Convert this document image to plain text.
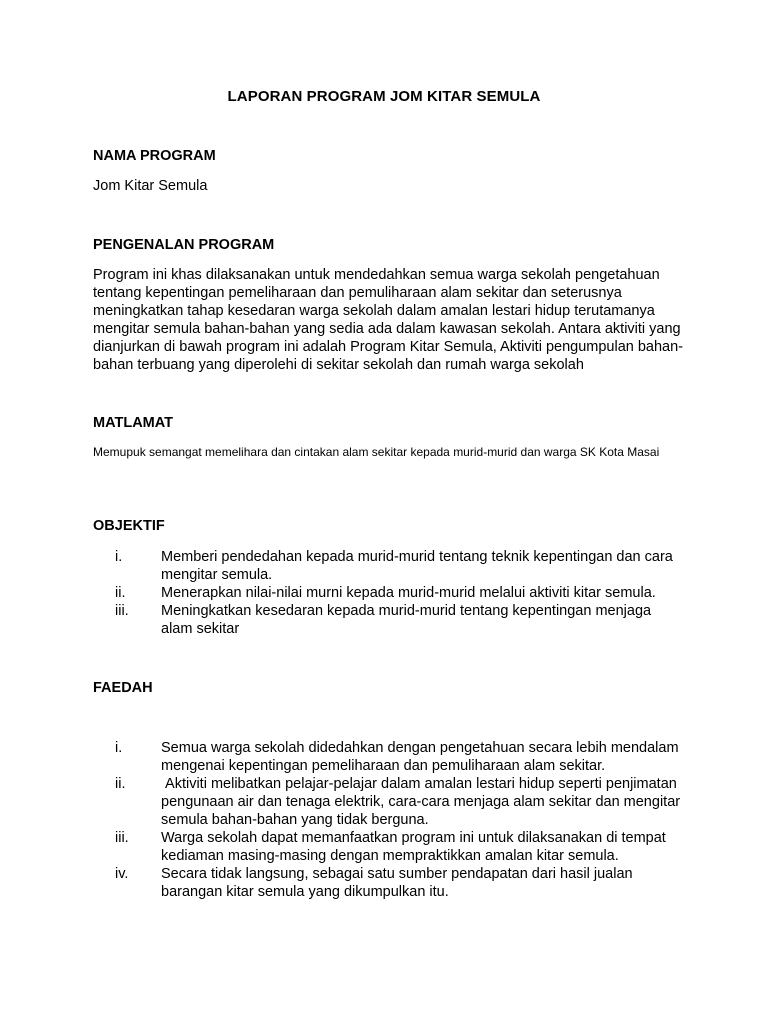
LAPORAN PROGRAM JOM KITAR SEMULA
NAMA PROGRAM
Jom Kitar Semula
PENGENALAN PROGRAM
Program ini khas dilaksanakan untuk mendedahkan semua warga sekolah pengetahuan tentang kepentingan pemeliharaan dan pemuliharaan alam sekitar dan seterusnya meningkatkan tahap kesedaran warga sekolah dalam amalan lestari hidup terutamanya mengitar semula bahan-bahan yang sedia ada dalam kawasan sekolah. Antara aktiviti yang dianjurkan di bawah program ini adalah Program Kitar Semula, Aktiviti pengumpulan bahan-bahan terbuang yang diperolehi di sekitar sekolah dan rumah warga sekolah
MATLAMAT
Memupuk semangat memelihara dan cintakan alam sekitar kepada murid-murid dan warga SK Kota Masai
OBJEKTIF
i.	Memberi pendedahan kepada murid-murid tentang teknik kepentingan dan cara mengitar semula.
ii. Menerapkan nilai-nilai murni kepada murid-murid melalui aktiviti kitar semula.
iii. Meningkatkan kesedaran kepada murid-murid tentang kepentingan menjaga alam sekitar
FAEDAH
i.	Semua warga sekolah didedahkan dengan pengetahuan secara lebih mendalam mengenai kepentingan pemeliharaan dan pemuliharaan alam sekitar.
ii. Aktiviti melibatkan pelajar-pelajar dalam amalan lestari hidup seperti penjimatan pengunaan air dan tenaga elektrik, cara-cara menjaga alam sekitar dan mengitar semula bahan-bahan yang tidak berguna.
iii. Warga sekolah dapat memanfaatkan program ini untuk dilaksanakan di tempat kediaman masing-masing dengan mempraktikkan amalan kitar semula.
iv. Secara tidak langsung, sebagai satu sumber pendapatan dari hasil jualan barangan kitar semula yang dikumpulkan itu.
